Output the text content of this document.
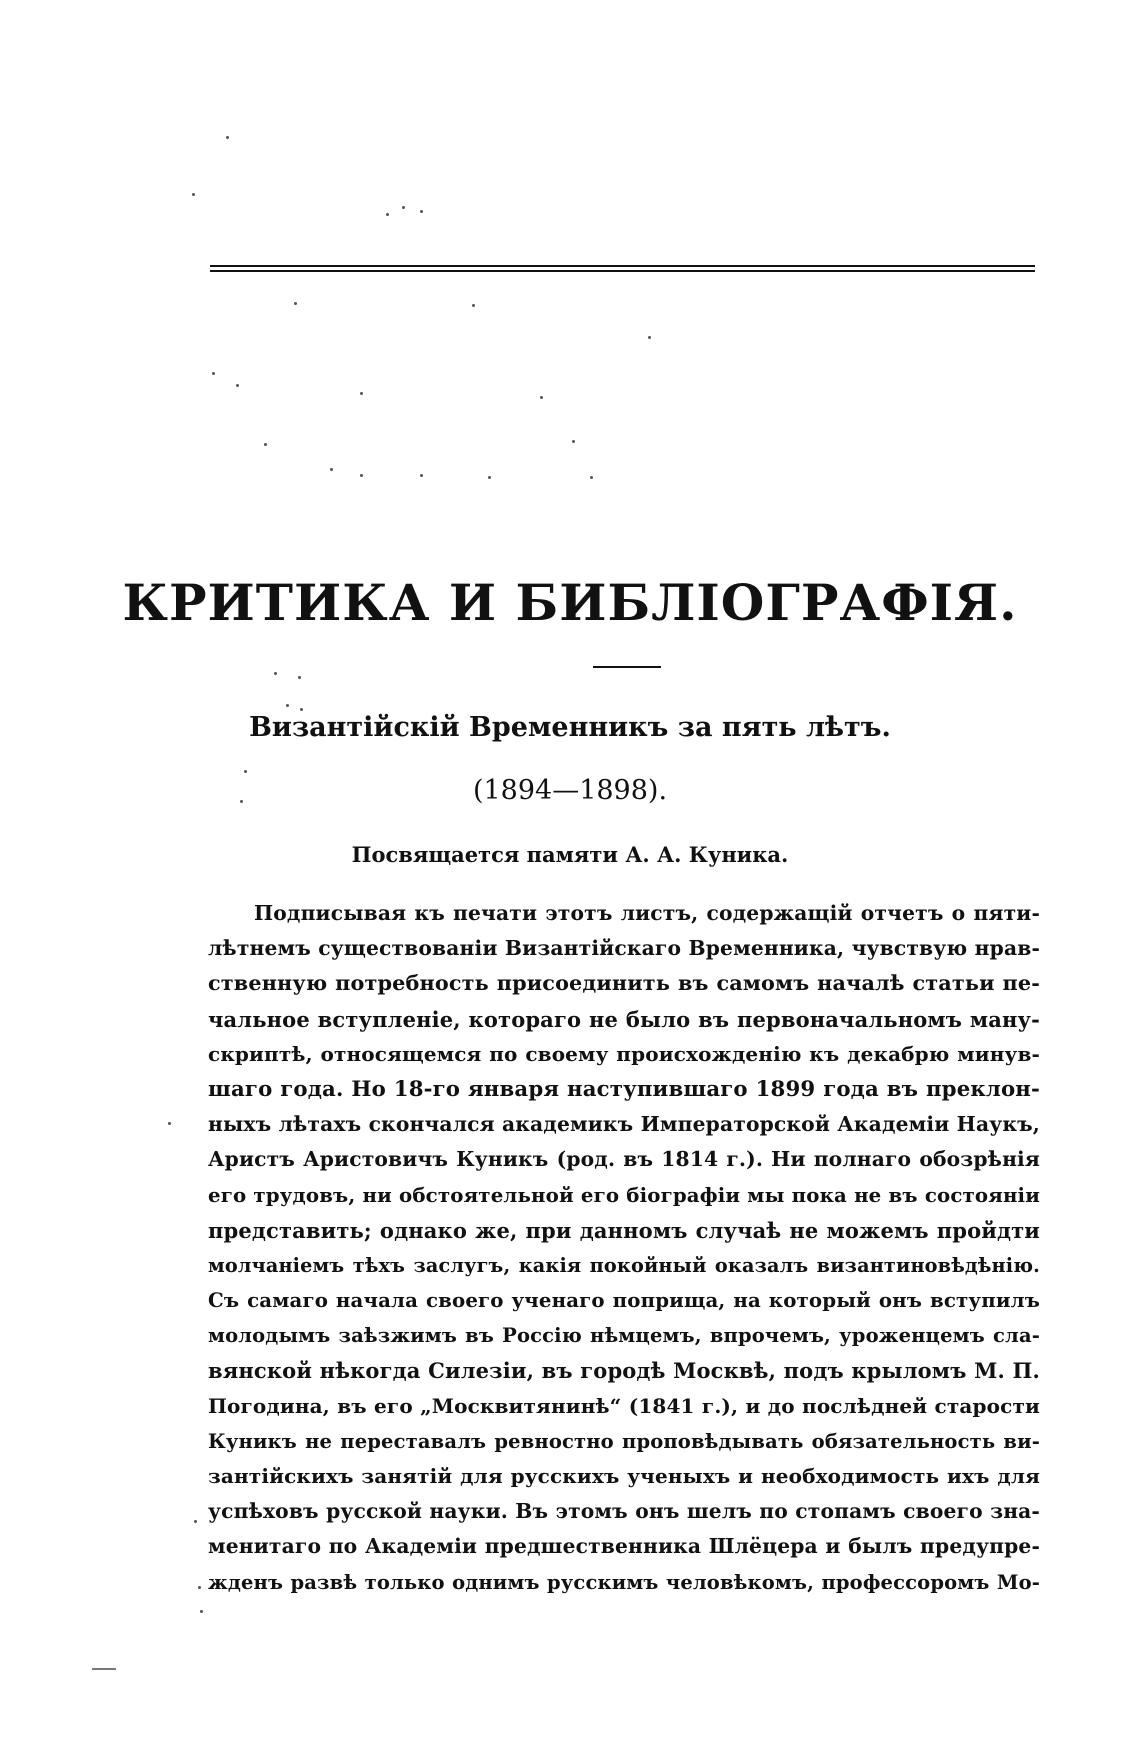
КРИТИКА И БИБЛІОГРАФІЯ.
Византійскій Временникъ за пять лѣтъ.
(1894—1898).
Посвящается памяти А. А. Куника.
Подписывая къ печати этотъ листъ, содержащій отчетъ о пяти-
лѣтнемъ существованіи Византійскаго Временника, чувствую нрав-
ственную потребность присоединить въ самомъ началѣ статьи пе-
чальное вступленіе, котораго не было въ первоначальномъ ману-
скриптѣ, относящемся по своему происхожденію къ декабрю минув-
шаго года. Но 18-го января наступившаго 1899 года въ преклон-
ныхъ лѣтахъ скончался академикъ Императорской Академіи Наукъ,
Аристъ Аристовичъ Куникъ (род. въ 1814 г.). Ни полнаго обозрѣнія
его трудовъ, ни обстоятельной его біографіи мы пока не въ состояніи
представить; однако же, при данномъ случаѣ не можемъ пройдти
молчаніемъ тѣхъ заслугъ, какія покойный оказалъ византиновѣдѣнію.
Съ самаго начала своего ученаго поприща, на который онъ вступилъ
молодымъ заѣзжимъ въ Россію нѣмцемъ, впрочемъ, уроженцемъ сла-
вянской нѣкогда Силезіи, въ городѣ Москвѣ, подъ крыломъ М. П.
Погодина, въ его „Москвитянинѣ“ (1841 г.), и до послѣдней старости
Куникъ не переставалъ ревностно проповѣдывать обязательность ви-
зантійскихъ занятій для русскихъ ученыхъ и необходимость ихъ для
успѣховъ русской науки. Въ этомъ онъ шелъ по стопамъ своего зна-
менитаго по Академіи предшественника Шлёцера и былъ предупре-
жденъ развѣ только однимъ русскимъ человѣкомъ, профессоромъ Мо-
